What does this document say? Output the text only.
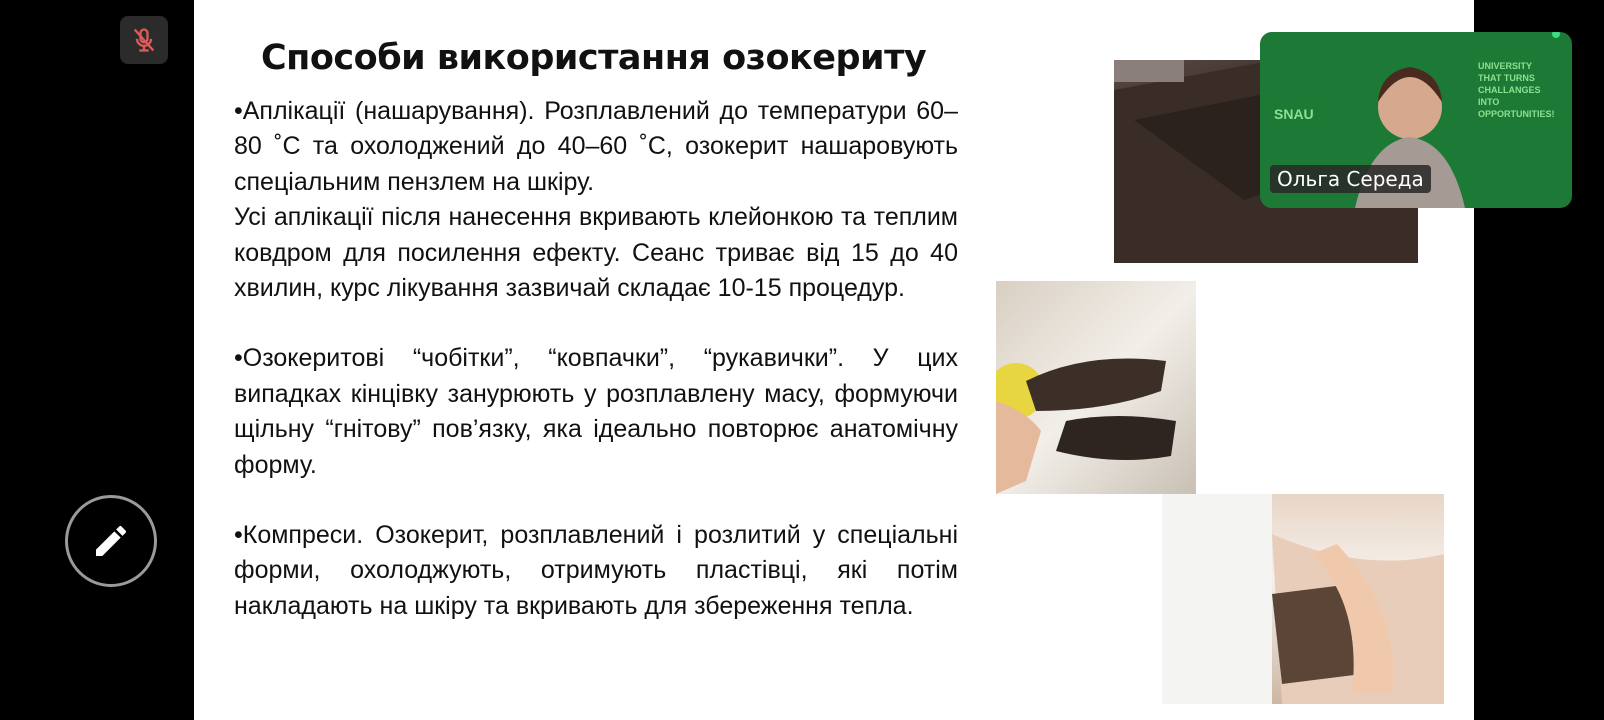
Способи використання озокериту

•Аплікації (нашарування). Розплавлений до температури 60–80 ˚С та охолоджений до 40–60 ˚С, озокерит нашаровують спеціальним пензлем на шкіру.

Усі аплікації після нанесення вкривають клейонкою та теплим ковдром для посилення ефекту. Сеанс триває від 15 до 40 хвилин, курс лікування зазвичай складає 10-15 процедур.

•Озокеритові “чобітки”, “ковпачки”, “рукавички”. У цих випадках кінцівку занурюють у розплавлену масу, формуючи щільну “гнітову” пов’язку, яка ідеально повторює анатомічну форму.

•Компреси. Озокерит, розплавлений і розлитий у спеціальні форми, охолоджують, отримують пластівці, які потім накладають на шкіру та вкривають для збереження тепла.

SNAU
UNIVERSITY
THAT TURNS
CHALLANGES
INTO
OPPORTUNITIES!
Ольга Середа
